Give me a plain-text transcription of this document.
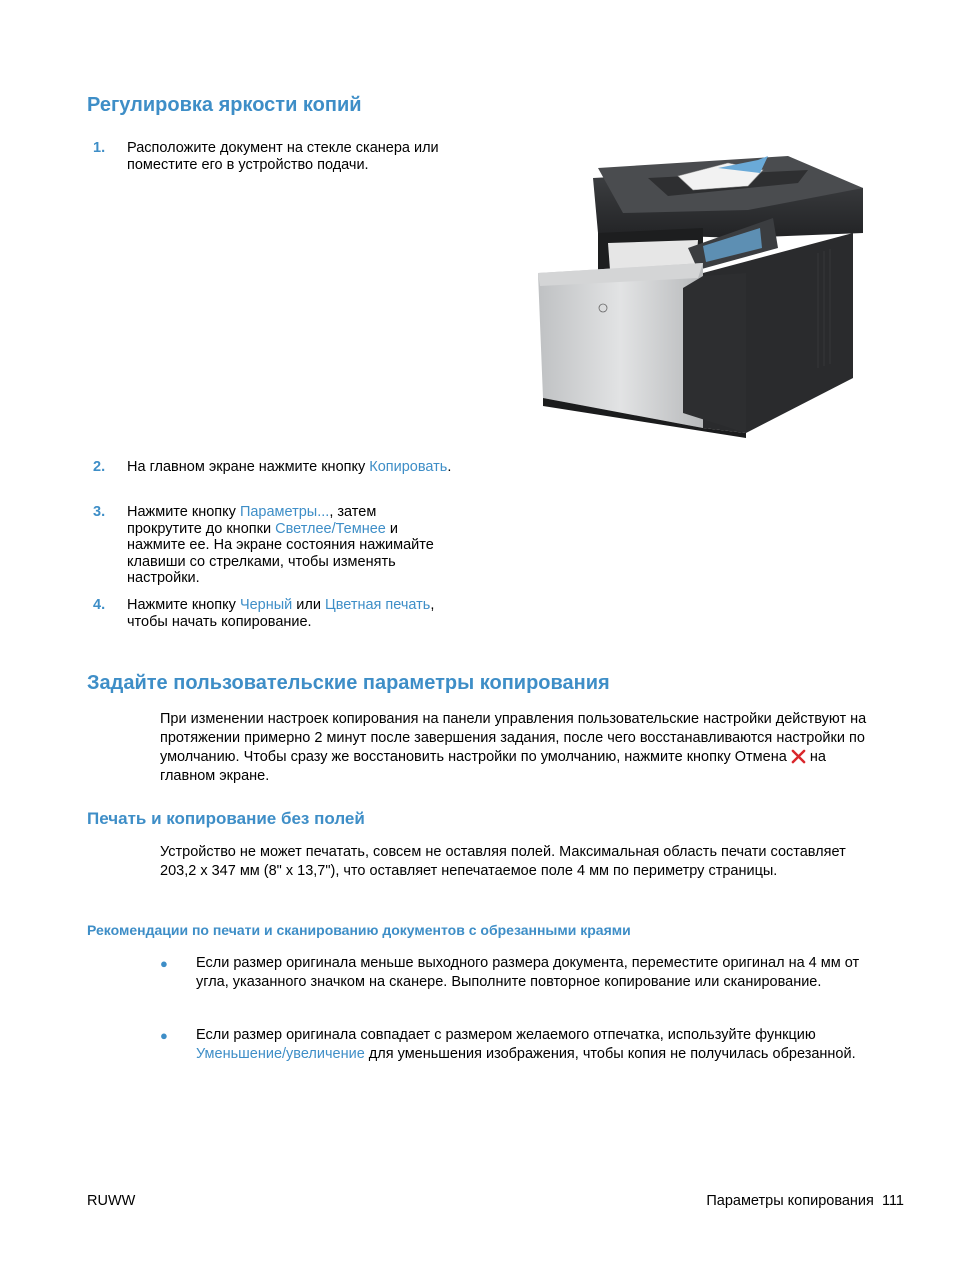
Регулировка яркости копий
1. Расположите документ на стекле сканера или поместите его в устройство подачи.
2. На главном экране нажмите кнопку Копировать.
3. Нажмите кнопку Параметры..., затем прокрутите до кнопки Светлее/Темнее и нажмите ее. На экране состояния нажимайте клавиши со стрелками, чтобы изменять настройки.
4. Нажмите кнопку Черный или Цветная печать, чтобы начать копирование.
Задайте пользовательские параметры копирования

При изменении настроек копирования на панели управления пользовательские настройки действуют на протяжении примерно 2 минут после завершения задания, после чего восстанавливаются настройки по умолчанию. Чтобы сразу же восстановить настройки по умолчанию, нажмите кнопку Отмена  на главном экране.

Печать и копирование без полей

Устройство не может печатать, совсем не оставляя полей. Максимальная область печати составляет 203,2 x 347 мм (8" x 13,7"), что оставляет непечатаемое поле 4 мм по периметру страницы.

Рекомендации по печати и сканированию документов с обрезанными краями
● Если размер оригинала меньше выходного размера документа, переместите оригинал на 4 мм от угла, указанного значком на сканере. Выполните повторное копирование или сканирование.
● Если размер оригинала совпадает с размером желаемого отпечатка, используйте функцию Уменьшение/увеличение для уменьшения изображения, чтобы копия не получилась обрезанной.
RUWW	Параметры копирования 111
